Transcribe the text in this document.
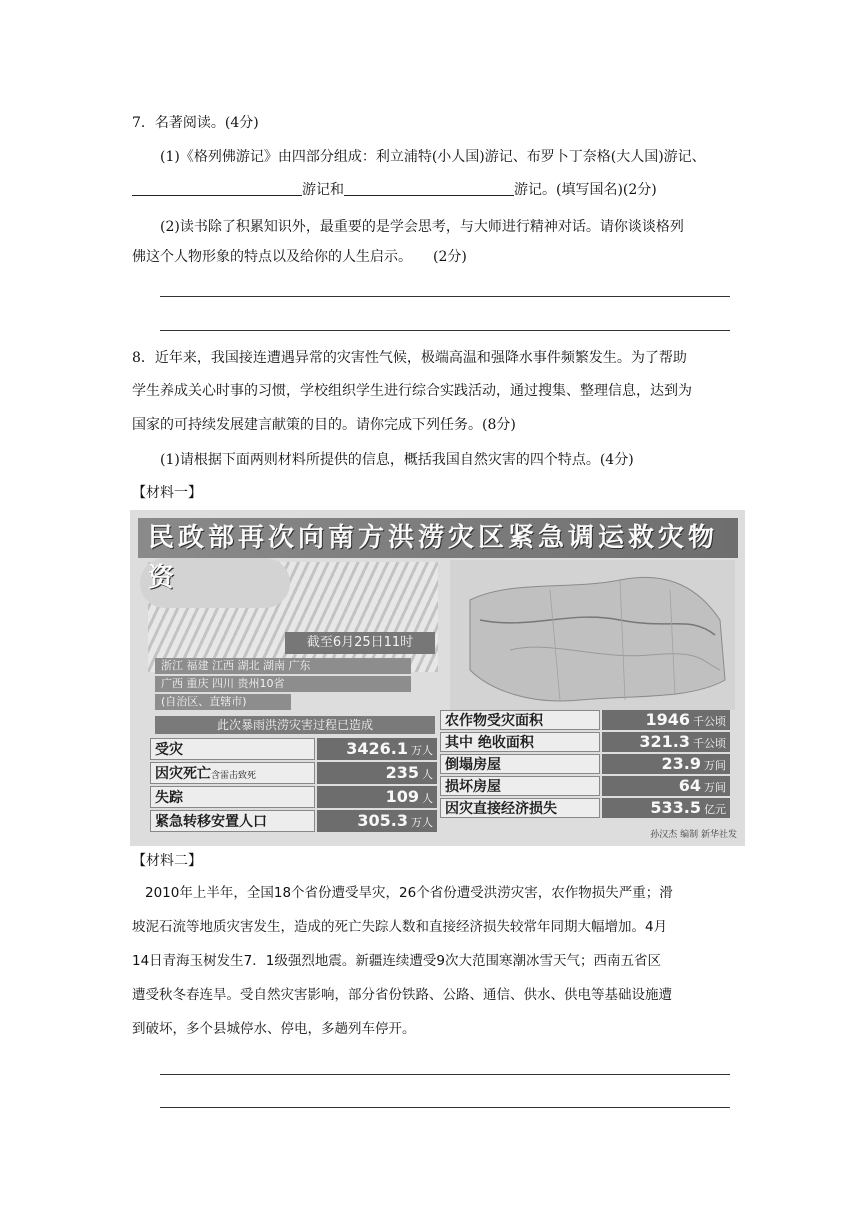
7．名著阅读。(4分)
(1)《格列佛游记》由四部分组成：利立浦特(小人国)游记、布罗卜丁奈格(大人国)游记、
游记和	游记。(填写国名)(2分)
(2)读书除了积累知识外，最重要的是学会思考，与大师进行精神对话。请你谈谈格列
佛这个人物形象的特点以及给你的人生启示。　　(2分)
8．近年来，我国接连遭遇异常的灾害性气候，极端高温和强降水事件频繁发生。为了帮助
学生养成关心时事的习惯，学校组织学生进行综合实践活动，通过搜集、整理信息，达到为
国家的可持续发展建言献策的目的。请你完成下列任务。(8分)
(1)请根据下面两则材料所提供的信息，概括我国自然灾害的四个特点。(4分)
【材料一】
民政部再次向南方洪涝灾区紧急调运救灾物资
截至6月25日11时
浙江 福建 江西 湖北 湖南 广东
广西 重庆 四川 贵州10省
(自治区、直辖市)
此次暴雨洪涝灾害过程已造成
受灾	3426.1 万人
因灾死亡含雷击致死	235 人
失踪	109 人
紧急转移安置人口	305.3 万人
农作物受灾面积	1946 千公顷
其中 绝收面积	321.3 千公顷
倒塌房屋	23.9 万间
损坏房屋	64 万间
因灾直接经济损失	533.5 亿元
孙汉杰 编制 新华社发
【材料二】
2010年上半年，全国18个省份遭受旱灾，26个省份遭受洪涝灾害，农作物损失严重；滑
坡泥石流等地质灾害发生，造成的死亡失踪人数和直接经济损失较常年同期大幅增加。4月
14日青海玉树发生7．1级强烈地震。新疆连续遭受9次大范围寒潮冰雪天气；西南五省区
遭受秋冬春连旱。受自然灾害影响，部分省份铁路、公路、通信、供水、供电等基础设施遭
到破坏，多个县城停水、停电，多趟列车停开。
